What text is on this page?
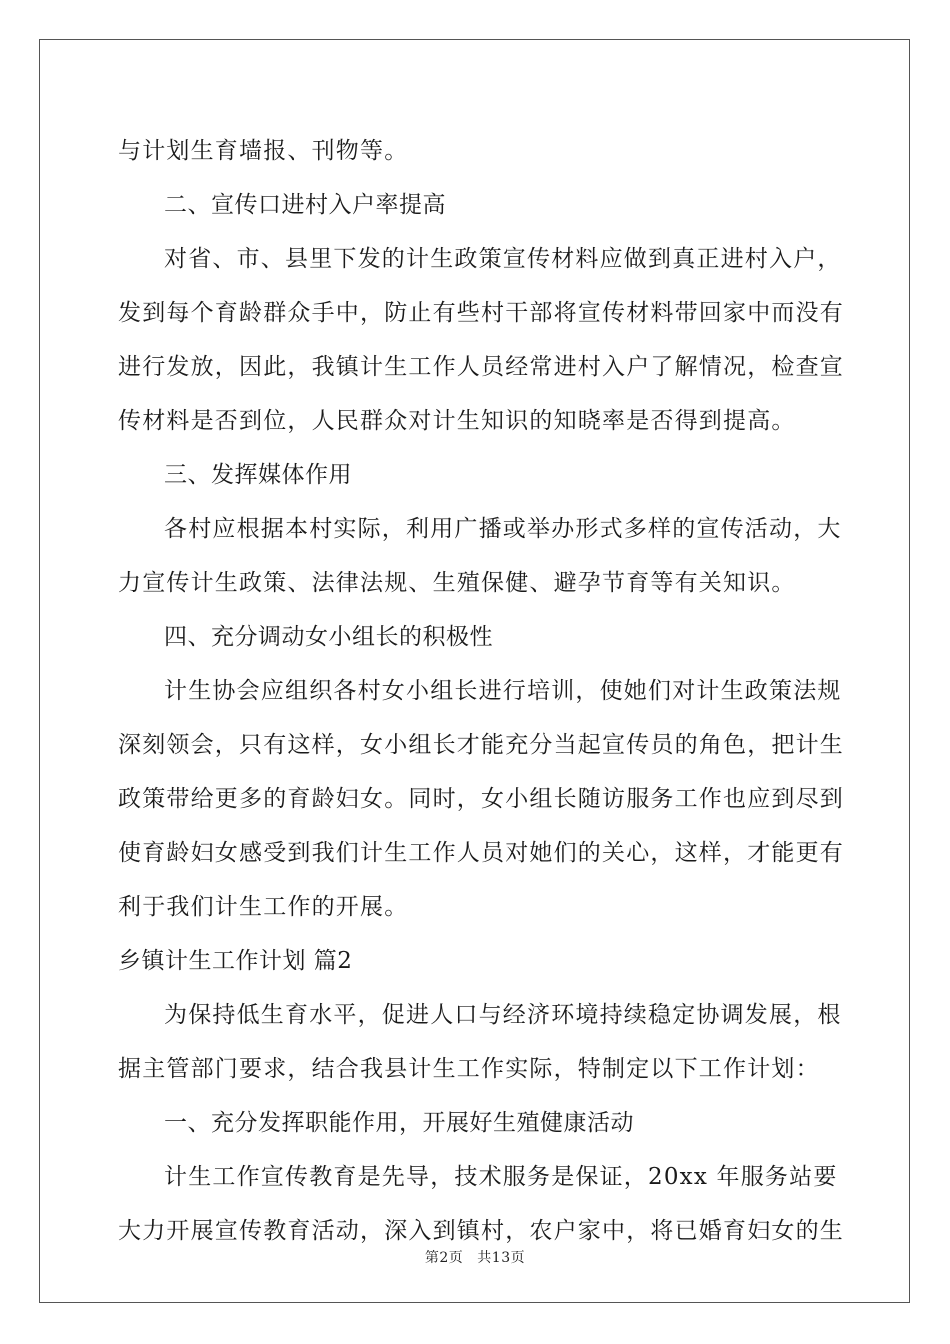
与计划生育墙报、刊物等。
二、宣传口进村入户率提高
对省、市、县里下发的计生政策宣传材料应做到真正进村入户，
发到每个育龄群众手中，防止有些村干部将宣传材料带回家中而没有
进行发放，因此，我镇计生工作人员经常进村入户了解情况，检查宣
传材料是否到位，人民群众对计生知识的知晓率是否得到提高。
三、发挥媒体作用
各村应根据本村实际，利用广播或举办形式多样的宣传活动，大
力宣传计生政策、法律法规、生殖保健、避孕节育等有关知识。
四、充分调动女小组长的积极性
计生协会应组织各村女小组长进行培训，使她们对计生政策法规
深刻领会，只有这样，女小组长才能充分当起宣传员的角色，把计生
政策带给更多的育龄妇女。同时，女小组长随访服务工作也应到尽到
使育龄妇女感受到我们计生工作人员对她们的关心，这样，才能更有
利于我们计生工作的开展。
乡镇计生工作计划 篇2
为保持低生育水平，促进人口与经济环境持续稳定协调发展，根
据主管部门要求，结合我县计生工作实际，特制定以下工作计划：
一、充分发挥职能作用，开展好生殖健康活动
计生工作宣传教育是先导，技术服务是保证，20xx 年服务站要
大力开展宣传教育活动，深入到镇村，农户家中，将已婚育妇女的生
第2页 共13页
